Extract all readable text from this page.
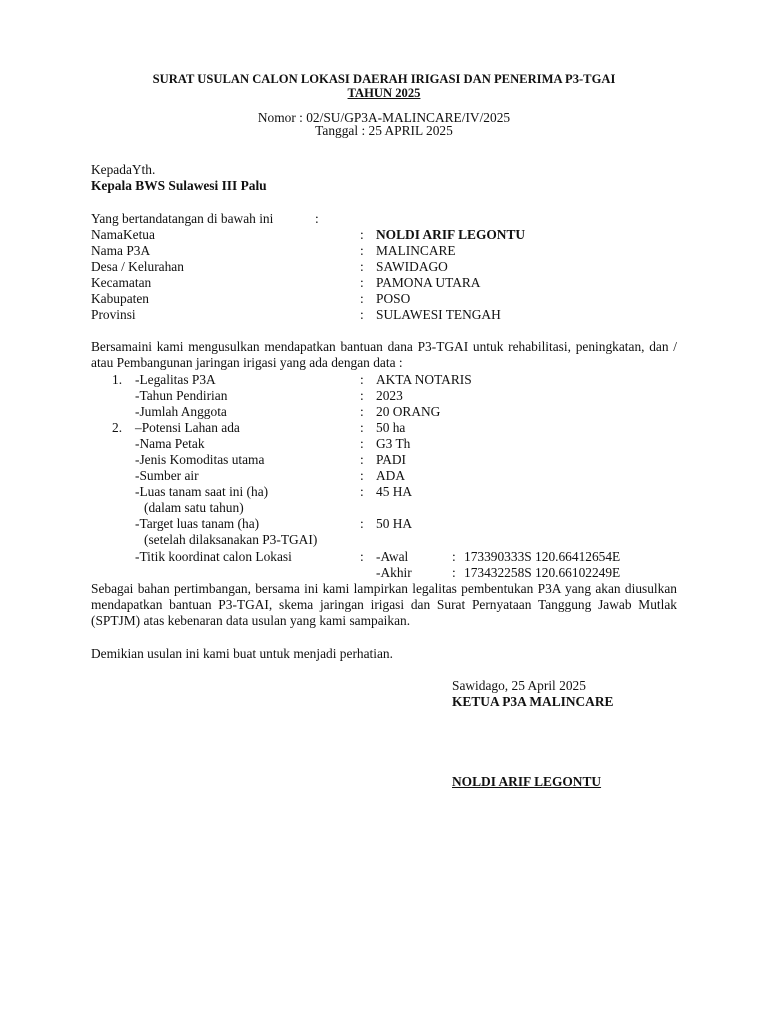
SURAT USULAN CALON LOKASI DAERAH IRIGASI DAN PENERIMA P3-TGAI
TAHUN 2025
Nomor : 02/SU/GP3A-MALINCARE/IV/2025
Tanggal : 25 APRIL 2025
KepadaYth.
Kepala BWS Sulawesi III Palu
Yang bertandatangan di bawah ini	:
NamaKetua	: NOLDI ARIF LEGONTU
Nama P3A	: MALINCARE
Desa / Kelurahan	: SAWIDAGO
Kecamatan	: PAMONA UTARA
Kabupaten	: POSO
Provinsi	: SULAWESI TENGAH
Bersamaini kami mengusulkan mendapatkan bantuan dana P3-TGAI untuk rehabilitasi, peningkatan, dan / atau Pembangunan jaringan irigasi yang ada dengan data :
1. -Legalitas P3A	: AKTA NOTARIS
-Tahun Pendirian	: 2023
-Jumlah Anggota	: 20 ORANG
2. –Potensi Lahan ada	: 50 ha
-Nama Petak	: G3 Th
-Jenis Komoditas utama	: PADI
-Sumber air	: ADA
-Luas tanam saat ini (ha)	: 45 HA
(dalam satu tahun)
-Target luas tanam (ha)	: 50 HA
(setelah dilaksanakan P3-TGAI)
-Titik koordinat calon Lokasi	: -Awal	: 173390333S 120.66412654E
-Akhir	: 173432258S 120.66102249E
Sebagai bahan pertimbangan, bersama ini kami lampirkan legalitas pembentukan P3A yang akan diusulkan mendapatkan bantuan P3-TGAI, skema jaringan irigasi dan Surat Pernyataan Tanggung Jawab Mutlak (SPTJM) atas kebenaran data usulan yang kami sampaikan.
Demikian usulan ini kami buat untuk menjadi perhatian.
Sawidago, 25 April 2025
KETUA P3A MALINCARE
NOLDI ARIF LEGONTU
